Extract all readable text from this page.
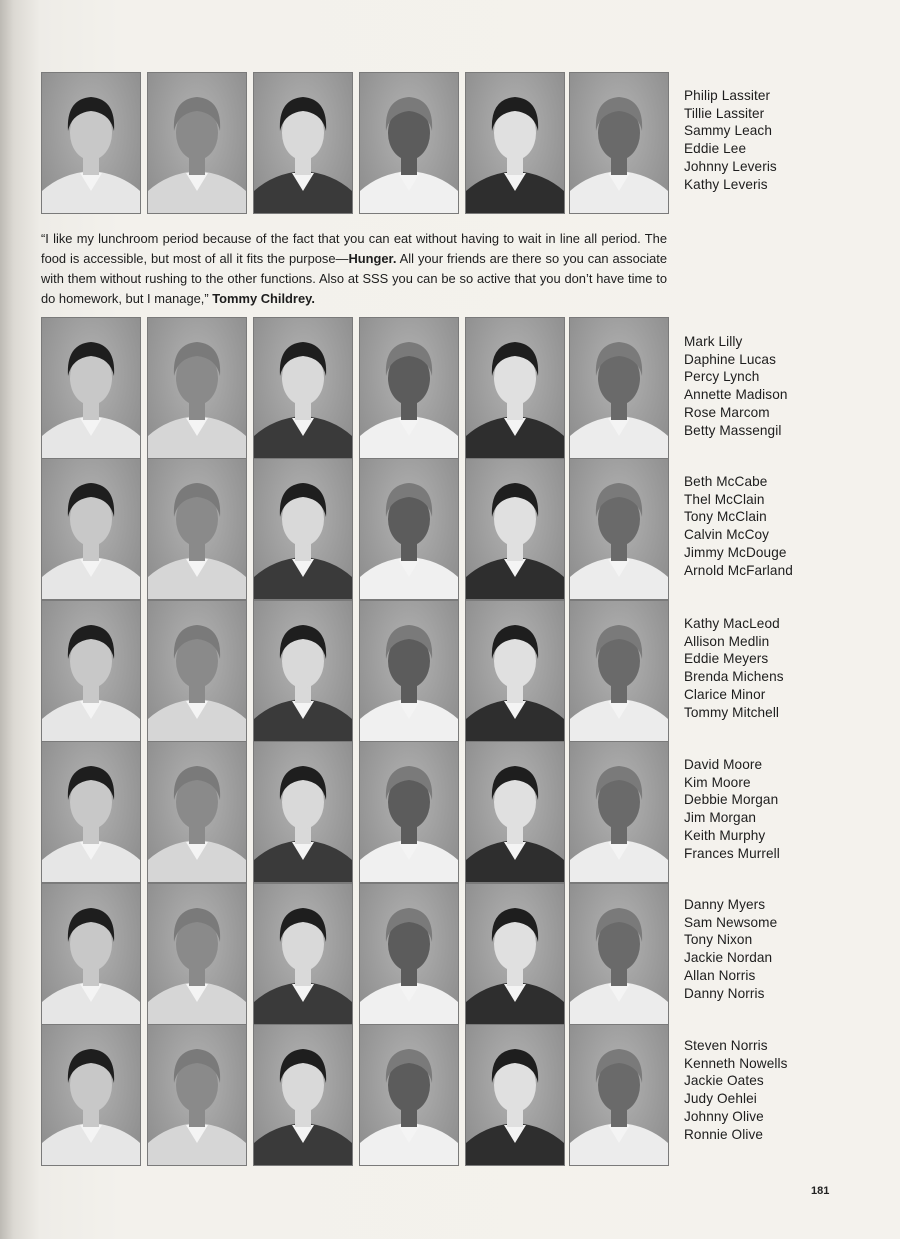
Philip Lassiter
Tillie Lassiter
Sammy Leach
Eddie Lee
Johnny Leveris
Kathy Leveris
“I like my lunchroom period because of the fact that you can eat without having to wait in line all period. The food is accessible, but most of all it fits the purpose—Hunger. All your friends are there so you can associate with them without rushing to the other functions. Also at SSS you can be so active that you don’t have time to do homework, but I manage,” Tommy Childrey.
Mark Lilly
Daphine Lucas
Percy Lynch
Annette Madison
Rose Marcom
Betty Massengil
Beth McCabe
Thel McClain
Tony McClain
Calvin McCoy
Jimmy McDouge
Arnold McFarland
Kathy MacLeod
Allison Medlin
Eddie Meyers
Brenda Michens
Clarice Minor
Tommy Mitchell
David Moore
Kim Moore
Debbie Morgan
Jim Morgan
Keith Murphy
Frances Murrell
Danny Myers
Sam Newsome
Tony Nixon
Jackie Nordan
Allan Norris
Danny Norris
Steven Norris
Kenneth Nowells
Jackie Oates
Judy Oehlei
Johnny Olive
Ronnie Olive
181
